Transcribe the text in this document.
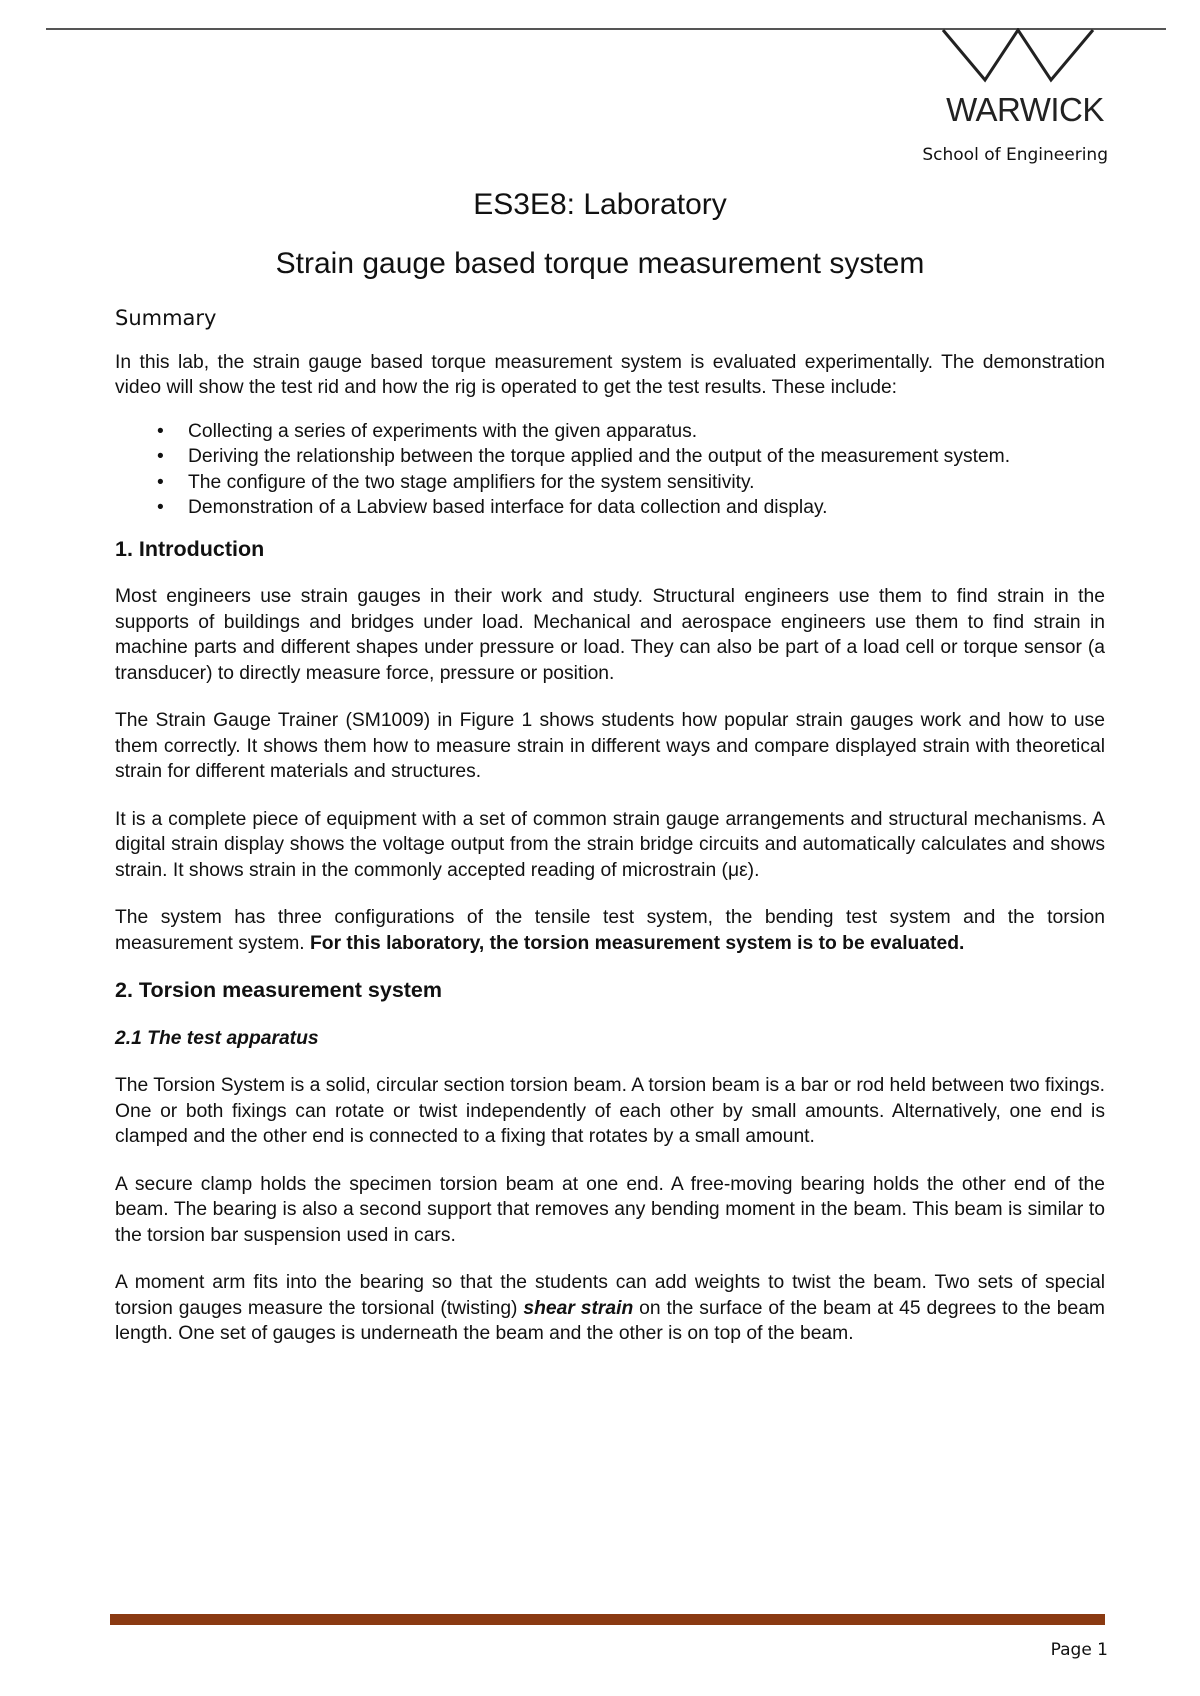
WARWICK
School of Engineering
ES3E8: Laboratory
Strain gauge based torque measurement system
Summary

In this lab, the strain gauge based torque measurement system is evaluated experimentally. The demonstration video will show the test rid and how the rig is operated to get the test results. These include:

• Collecting a series of experiments with the given apparatus.
• Deriving the relationship between the torque applied and the output of the measurement system.
• The configure of the two stage amplifiers for the system sensitivity.
• Demonstration of a Labview based interface for data collection and display.
1. Introduction

Most engineers use strain gauges in their work and study. Structural engineers use them to find strain in the supports of buildings and bridges under load. Mechanical and aerospace engineers use them to find strain in machine parts and different shapes under pressure or load. They can also be part of a load cell or torque sensor (a transducer) to directly measure force, pressure or position.

The Strain Gauge Trainer (SM1009) in Figure 1 shows students how popular strain gauges work and how to use them correctly. It shows them how to measure strain in different ways and compare displayed strain with theoretical strain for different materials and structures.

It is a complete piece of equipment with a set of common strain gauge arrangements and structural mechanisms. A digital strain display shows the voltage output from the strain bridge circuits and automatically calculates and shows strain. It shows strain in the commonly accepted reading of microstrain (με).

The system has three configurations of the tensile test system, the bending test system and the torsion measurement system. For this laboratory, the torsion measurement system is to be evaluated.

2. Torsion measurement system
2.1 The test apparatus

The Torsion System is a solid, circular section torsion beam. A torsion beam is a bar or rod held between two fixings. One or both fixings can rotate or twist independently of each other by small amounts. Alternatively, one end is clamped and the other end is connected to a fixing that rotates by a small amount.

A secure clamp holds the specimen torsion beam at one end. A free-moving bearing holds the other end of the beam. The bearing is also a second support that removes any bending moment in the beam. This beam is similar to the torsion bar suspension used in cars.

A moment arm fits into the bearing so that the students can add weights to twist the beam. Two sets of special torsion gauges measure the torsional (twisting) shear strain on the surface of the beam at 45 degrees to the beam length. One set of gauges is underneath the beam and the other is on top of the beam.

Page 1
